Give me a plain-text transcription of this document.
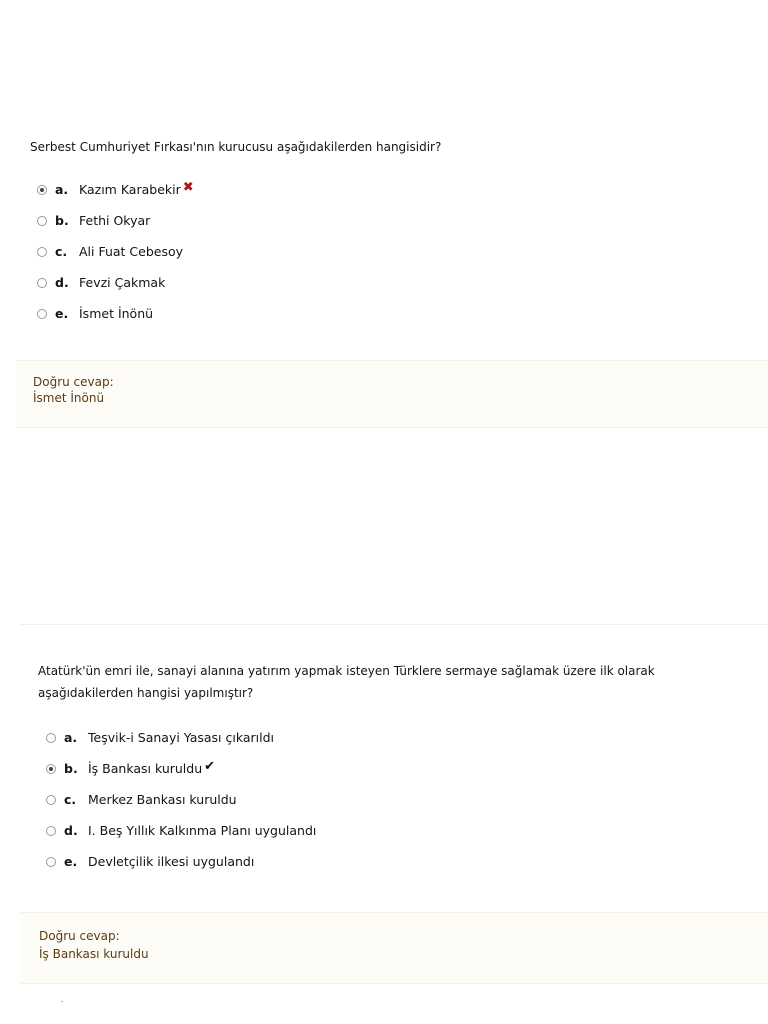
Serbest Cumhuriyet Fırkası'nın kurucusu aşağıdakilerden hangisidir?
a. Kazım Karabekir ✖
b. Fethi Okyar
c. Ali Fuat Cebesoy
d. Fevzi Çakmak
e. İsmet İnönü
Doğru cevap:
İsmet İnönü
Atatürk'ün emri ile, sanayi alanına yatırım yapmak isteyen Türklere sermaye sağlamak üzere ilk olarak aşağıdakilerden hangisi yapılmıştır?
a. Teşvik-i Sanayi Yasası çıkarıldı
b. İş Bankası kuruldu ✔
c. Merkez Bankası kuruldu
d. I. Beş Yıllık Kalkınma Planı uygulandı
e. Devletçilik ilkesi uygulandı
Doğru cevap:
İş Bankası kuruldu
